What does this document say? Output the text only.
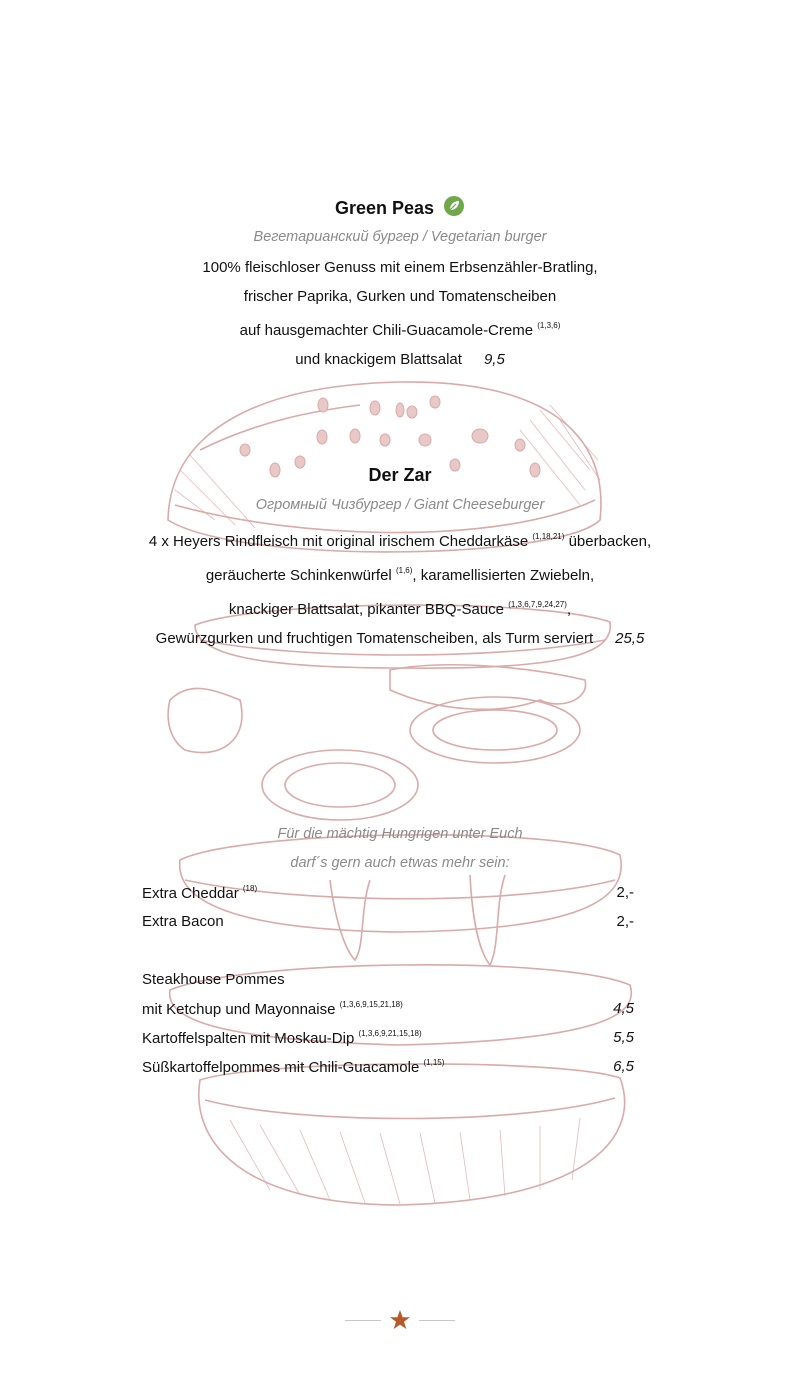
Green Peas
Вегетарианский бургер / Vegetarian burger
100% fleischloser Genuss mit einem Erbsenzähler-Bratling,
frischer Paprika, Gurken und Tomatenscheiben
auf hausgemachter Chili-Guacamole-Creme $^{(1,3,6)}$
und knackigem Blattsalat 9,5
Der Zar
Огромный Чизбургер / Giant Cheeseburger
4 x Heyers Rindfleisch mit original irischem Cheddarkäse $^{(1,18,21)}$ überbacken,
geräucherte Schinkenwürfel $^{(1,6)}$, karamellisierten Zwiebeln,
knackiger Blattsalat, pikanter BBQ-Sauce $^{(1,3,6,7,9,24,27)}$,
Gewürzgurken und fruchtigen Tomatenscheiben, als Turm serviert 25,5
Für die mächtig Hungrigen unter Euch
darf´s gern auch etwas mehr sein:
Extra Cheddar $^{(18)}$	2,-
Extra Bacon	2,-
Steakhouse Pommes
mit Ketchup und Mayonnaise $^{(1,3,6,9,15,21,18)}$	4,5
Kartoffelspalten mit Moskau-Dip $^{(1,3,6,9,21,15,18)}$	5,5
Süßkartoffelpommes mit Chili-Guacamole $^{(1,15)}$	6,5
